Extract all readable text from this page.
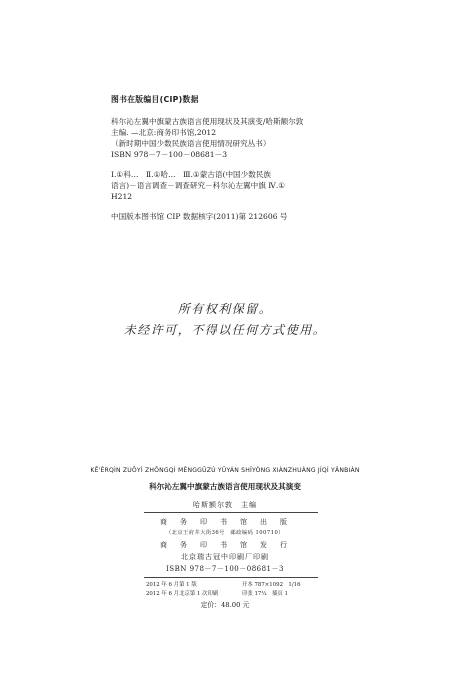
图书在版编目(CIP)数据
科尔沁左翼中旗蒙古族语言使用现状及其演变/哈斯额尔敦
主编. —北京:商务印书馆,2012
（新时期中国少数民族语言使用情况研究丛书）
ISBN 978－7－100－08681－3
Ⅰ.①科…　Ⅱ.①哈…　Ⅲ.①蒙古语(中国少数民族
语言)－语言调查－调查研究－科尔沁左翼中旗 Ⅳ.①
H212
中国版本图书馆 CIP 数据核字(2011)第 212606 号
所有权利保留。
未经许可，不得以任何方式使用。
KĒ'ĚRQÌN ZUǑYÌ ZHŌNGQÍ MĚNGGǓZÚ YǓYÁN SHǏYÒNG XIÀNZHUÀNG JÍQÍ YǍNBIÀN
科尔沁左翼中旗蒙古族语言使用现状及其演变
哈斯额尔敦　主编
商　务　印　书　馆　出　版
（北京王府井大街36号　邮政编码 100710）
商　务　印　书　馆　发　行
北京瑞古冠中印刷厂印刷
ISBN 978－7－100－08681－3
2012 年 6 月第 1 版	开本 787×1092　1/16
2012 年 6 月北京第 1 次印刷	印张 17¼　插页 1
定价：48.00 元
